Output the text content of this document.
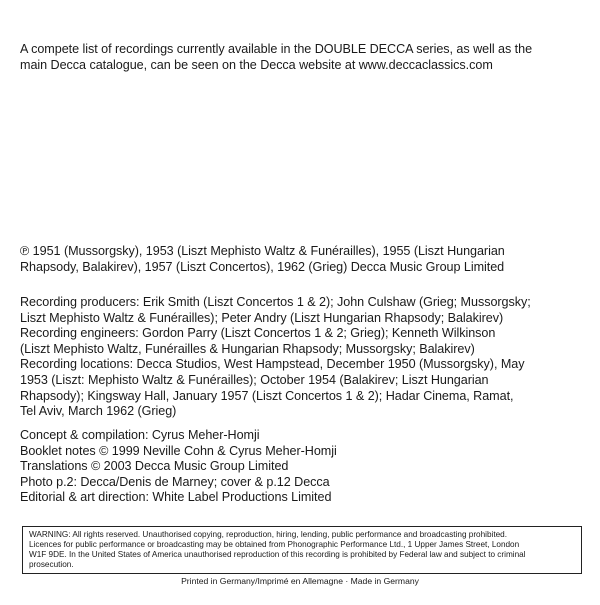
A compete list of recordings currently available in the DOUBLE DECCA series, as well as the
main Decca catalogue, can be seen on the Decca website at www.deccaclassics.com
℗ 1951 (Mussorgsky), 1953 (Liszt Mephisto Waltz & Funérailles), 1955 (Liszt Hungarian
Rhapsody, Balakirev), 1957 (Liszt Concertos), 1962 (Grieg) Decca Music Group Limited
Recording producers: Erik Smith (Liszt Concertos 1 & 2); John Culshaw (Grieg; Mussorgsky;
Liszt Mephisto Waltz & Funérailles); Peter Andry (Liszt Hungarian Rhapsody; Balakirev)
Recording engineers: Gordon Parry (Liszt Concertos 1 & 2; Grieg); Kenneth Wilkinson
(Liszt Mephisto Waltz, Funérailles & Hungarian Rhapsody; Mussorgsky; Balakirev)
Recording locations: Decca Studios, West Hampstead, December 1950 (Mussorgsky), May
1953 (Liszt: Mephisto Waltz & Funérailles); October 1954 (Balakirev; Liszt Hungarian
Rhapsody); Kingsway Hall, January 1957 (Liszt Concertos 1 & 2); Hadar Cinema, Ramat,
Tel Aviv, March 1962 (Grieg)
Concept & compilation: Cyrus Meher-Homji
Booklet notes © 1999 Neville Cohn & Cyrus Meher-Homji
Translations © 2003 Decca Music Group Limited
Photo p.2: Decca/Denis de Marney; cover & p.12 Decca
Editorial & art direction: White Label Productions Limited
WARNING: All rights reserved. Unauthorised copying, reproduction, hiring, lending, public performance and broadcasting prohibited.
Licences for public performance or broadcasting may be obtained from Phonographic Performance Ltd., 1 Upper James Street, London
W1F 9DE. In the United States of America unauthorised reproduction of this recording is prohibited by Federal law and subject to criminal
prosecution.
Printed in Germany/Imprimé en Allemagne · Made in Germany
